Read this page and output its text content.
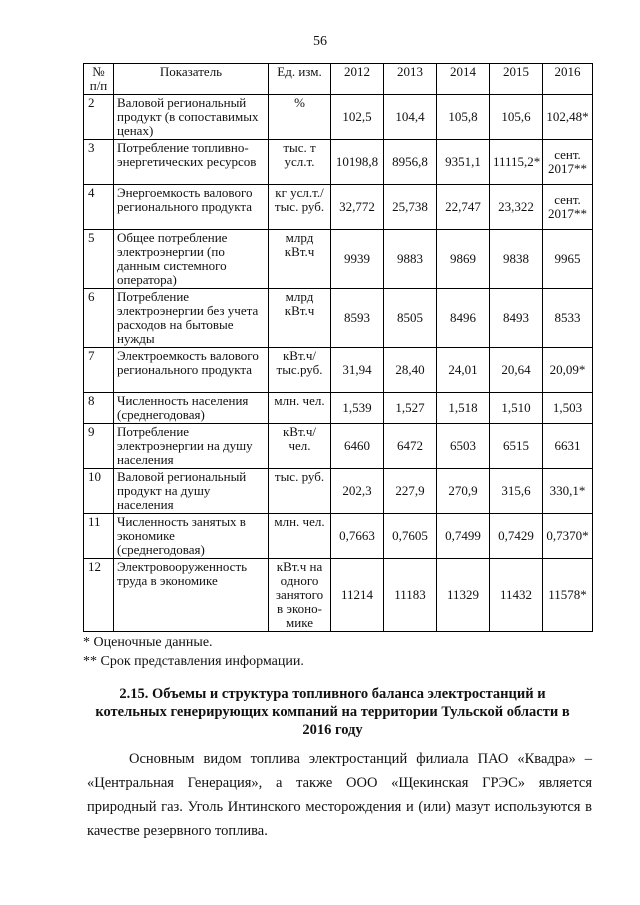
56
№ п/п	Показатель	Ед. изм.	2012	2013	2014	2015	2016
2	Валовой региональный продукт (в сопоставимых ценах)	%	102,5	104,4	105,8	105,6	102,48*
3	Потребление топливно-энергетических ресурсов	тыс. т усл.т.	10198,8	8956,8	9351,1	11115,2*	сент. 2017**
4	Энергоемкость валового регионального продукта	кг усл.т./ тыс. руб.	32,772	25,738	22,747	23,322	сент. 2017**
5	Общее потребление электроэнергии (по данным системного оператора)	млрд кВт.ч	9939	9883	9869	9838	9965
6	Потребление электроэнергии без учета расходов на бытовые нужды	млрд кВт.ч	8593	8505	8496	8493	8533
7	Электроемкость валового регионального продукта	кВт.ч/ тыс.руб.	31,94	28,40	24,01	20,64	20,09*
8	Численность населения (среднегодовая)	млн. чел.	1,539	1,527	1,518	1,510	1,503
9	Потребление электроэнергии на душу населения	кВт.ч/ чел.	6460	6472	6503	6515	6631
10	Валовой региональный продукт на душу населения	тыс. руб.	202,3	227,9	270,9	315,6	330,1*
11	Численность занятых в экономике (среднегодовая)	млн. чел.	0,7663	0,7605	0,7499	0,7429	0,7370*
12	Электровооруженность труда в экономике	кВт.ч на одного занятого в эконо-мике	11214	11183	11329	11432	11578*
* Оценочные данные.
** Срок представления информации.
2.15. Объемы и структура топливного баланса электростанций и котельных генерирующих компаний на территории Тульской области в 2016 году
Основным видом топлива электростанций филиала ПАО «Квадра» – «Центральная Генерация», а также ООО «Щекинская ГРЭС» является природный газ. Уголь Интинского месторождения и (или) мазут используются в качестве резервного топлива.
